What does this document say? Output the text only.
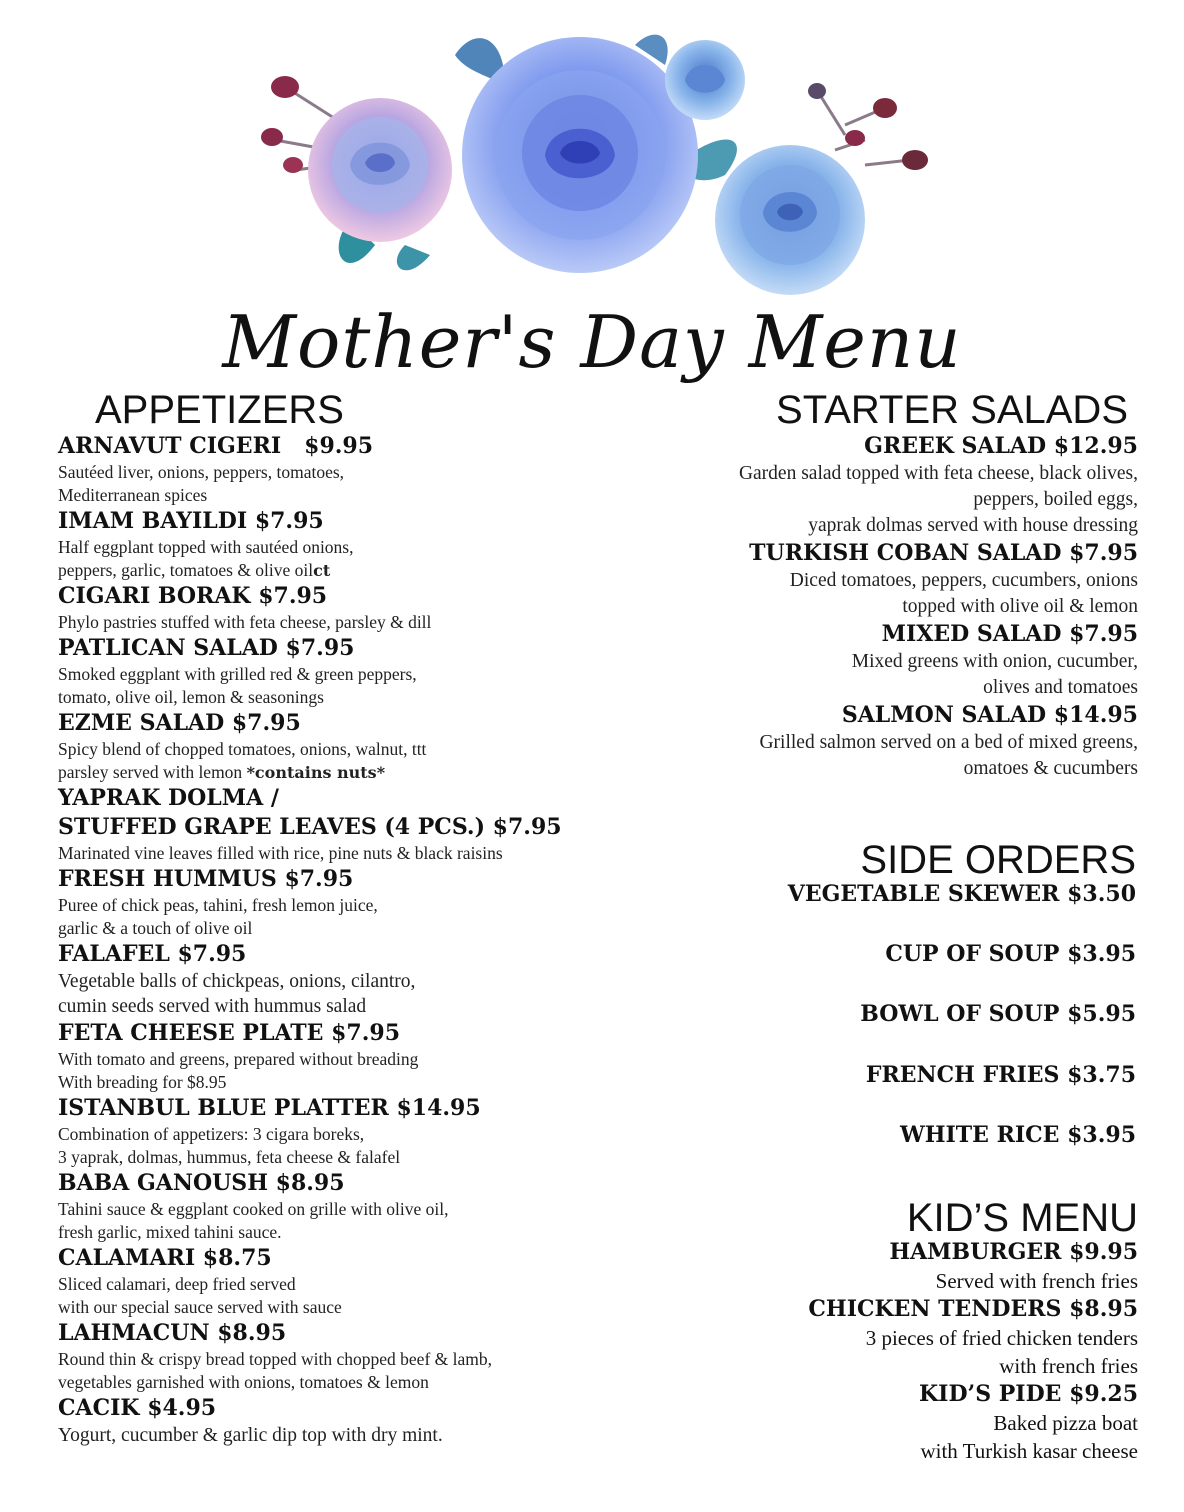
Mother's Day Menu
APPETIZERS
ARNAVUT CIGERI $9.95
Sautéed liver, onions, peppers, tomatoes,
Mediterranean spices
IMAM BAYILDI $7.95
Half eggplant topped with sautéed onions,
peppers, garlic, tomatoes & olive oilct
CIGARI BORAK $7.95
Phylo pastries stuffed with feta cheese, parsley & dill
PATLICAN SALAD $7.95
Smoked eggplant with grilled red & green peppers,
tomato, olive oil, lemon & seasonings
EZME SALAD $7.95
Spicy blend of chopped tomatoes, onions, walnut, ttt
parsley served with lemon *contains nuts*
YAPRAK DOLMA /
STUFFED GRAPE LEAVES (4 PCS.) $7.95
Marinated vine leaves filled with rice, pine nuts & black raisins
FRESH HUMMUS $7.95
Puree of chick peas, tahini, fresh lemon juice,
garlic & a touch of olive oil
FALAFEL $7.95
Vegetable balls of chickpeas, onions, cilantro,
cumin seeds served with hummus salad
FETA CHEESE PLATE $7.95
With tomato and greens, prepared without breading
With breading for $8.95
ISTANBUL BLUE PLATTER $14.95
Combination of appetizers: 3 cigara boreks,
3 yaprak, dolmas, hummus, feta cheese & falafel
BABA GANOUSH $8.95
Tahini sauce & eggplant cooked on grille with olive oil,
fresh garlic, mixed tahini sauce.
CALAMARI $8.75
Sliced calamari, deep fried served
with our special sauce served with sauce
LAHMACUN $8.95
Round thin & crispy bread topped with chopped beef & lamb,
vegetables garnished with onions, tomatoes & lemon
CACIK $4.95
Yogurt, cucumber & garlic dip top with dry mint.
STARTER SALADS
GREEK SALAD $12.95
Garden salad topped with feta cheese, black olives,
peppers, boiled eggs,
yaprak dolmas served with house dressing
TURKISH COBAN SALAD $7.95
Diced tomatoes, peppers, cucumbers, onions
topped with olive oil & lemon
MIXED SALAD $7.95
Mixed greens with onion, cucumber,
olives and tomatoes
SALMON SALAD $14.95
Grilled salmon served on a bed of mixed greens,
omatoes & cucumbers
SIDE ORDERS
VEGETABLE SKEWER $3.50
CUP OF SOUP $3.95
BOWL OF SOUP $5.95
FRENCH FRIES $3.75
WHITE RICE $3.95
KID’S MENU
HAMBURGER $9.95
Served with french fries
CHICKEN TENDERS $8.95
3 pieces of fried chicken tenders
with french fries
KID’S PIDE $9.25
Baked pizza boat
with Turkish kasar cheese
